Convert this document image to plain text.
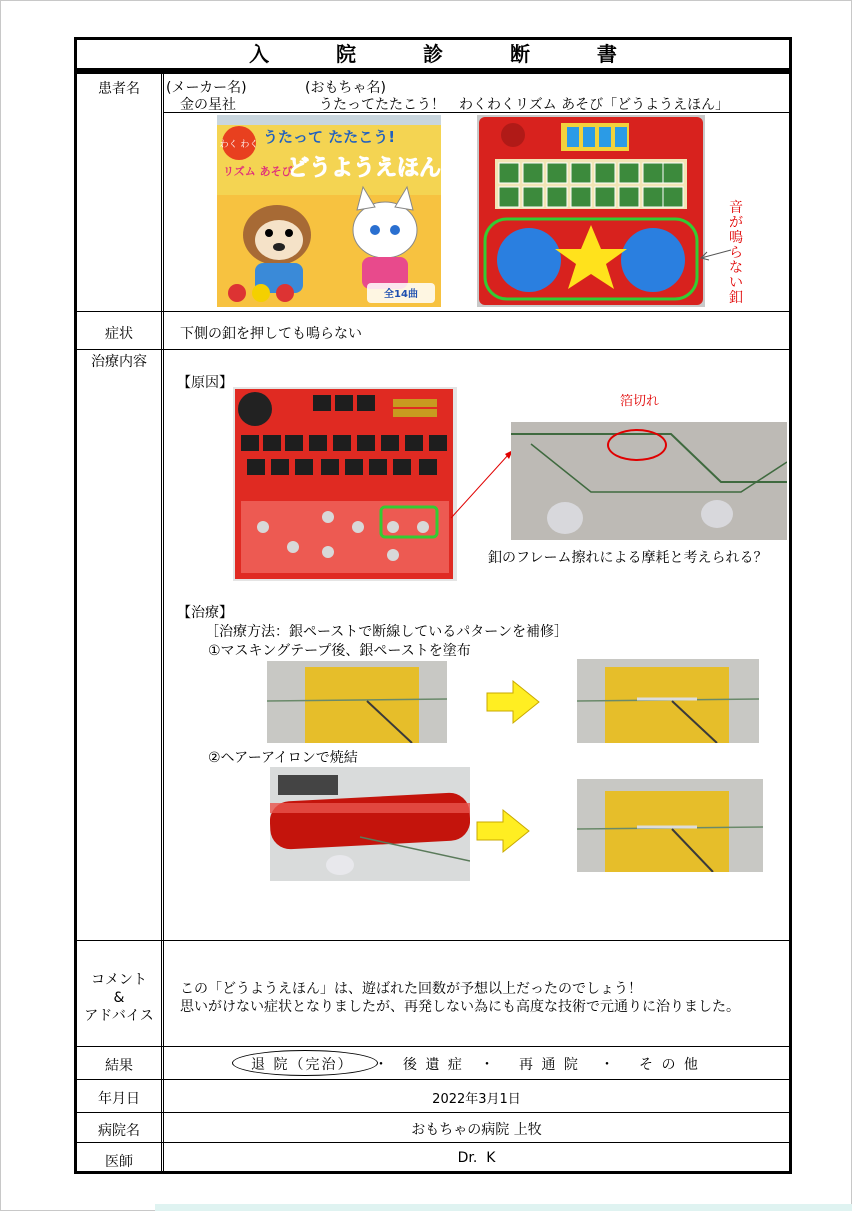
入 院 診 断 書
患者名
症状
治療内容
コメント
&
アドバイス
結果
年月日
病院名
医師
(メーカー名)	(おもちゃ名)
金の星社	うたってたたこう！　わくわくリズム あそび「どうようえほん」
わく わく うたって たたこう!
リズム あそび
どうようえほん
全14曲
音が鳴らない釦
下側の釦を押しても鳴らない
【原因】
箔切れ
釦のフレーム擦れによる摩耗と考えられる？
【治療】
［治療方法：銀ペーストで断線しているパターンを補修］
①マスキングテープ後、銀ペーストを塗布
②ヘアーアイロンで焼結
この「どうようえほん」は、遊ばれた回数が予想以上だったのでしょう！
思いがけない症状となりましたが、再発しない為にも高度な技術で元通りに治りました。
退 院（完治） ・ 後 遺 症 ・ 再 通 院 ・ そ の 他
2022年3月1日
おもちゃの病院 上牧
Dr.  K
